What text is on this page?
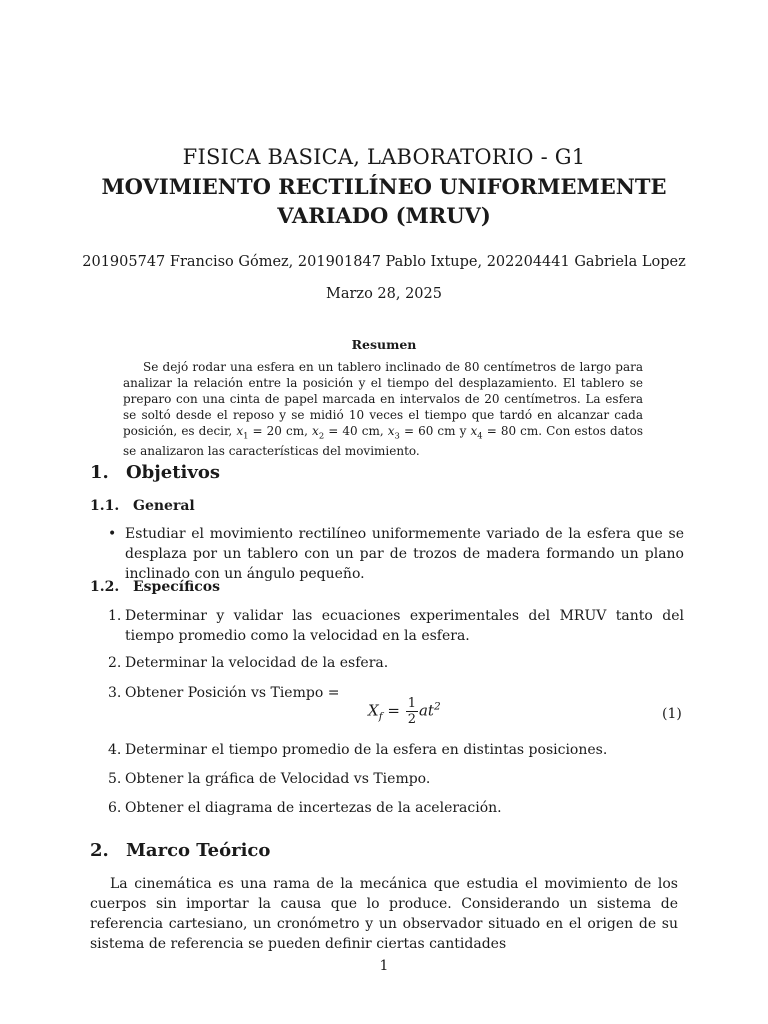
FISICA BASICA, LABORATORIO - G1
MOVIMIENTO RECTILÍNEO UNIFORMEMENTE
VARIADO (MRUV)
201905747 Franciso Gómez, 201901847 Pablo Ixtupe, 202204441 Gabriela Lopez
Marzo 28, 2025
Resumen
Se dejó rodar una esfera en un tablero inclinado de 80 centímetros de largo para analizar la relación entre la posición y el tiempo del desplazamiento. El tablero se preparo con una cinta de papel marcada en intervalos de 20 centímetros. La esfera se soltó desde el reposo y se midió 10 veces el tiempo que tardó en alcanzar cada posición, es decir, $x_1 = 20$ cm, $x_2 = 40$ cm, $x_3 = 60$ cm y $x_4 = 80$ cm. Con estos datos se analizaron las características del movimiento.
1. Objetivos
1.1. General
• Estudiar el movimiento rectilíneo uniformemente variado de la esfera que se desplaza por un tablero con un par de trozos de madera formando un plano inclinado con un ángulo pequeño.
1.2. Específicos
1. Determinar y validar las ecuaciones experimentales del MRUV tanto del tiempo promedio como la velocidad en la esfera.
2. Determinar la velocidad de la esfera.
3. Obtener Posición vs Tiempo =
$X_f = \frac{1}{2} at^2$	(1)
4. Determinar el tiempo promedio de la esfera en distintas posiciones.
5. Obtener la gráfica de Velocidad vs Tiempo.
6. Obtener el diagrama de incertezas de la aceleración.
2. Marco Teórico
La cinemática es una rama de la mecánica que estudia el movimiento de los cuerpos sin importar la causa que lo produce. Considerando un sistema de referencia cartesiano, un cronómetro y un observador situado en el origen de su sistema de referencia se pueden definir ciertas cantidades
1
